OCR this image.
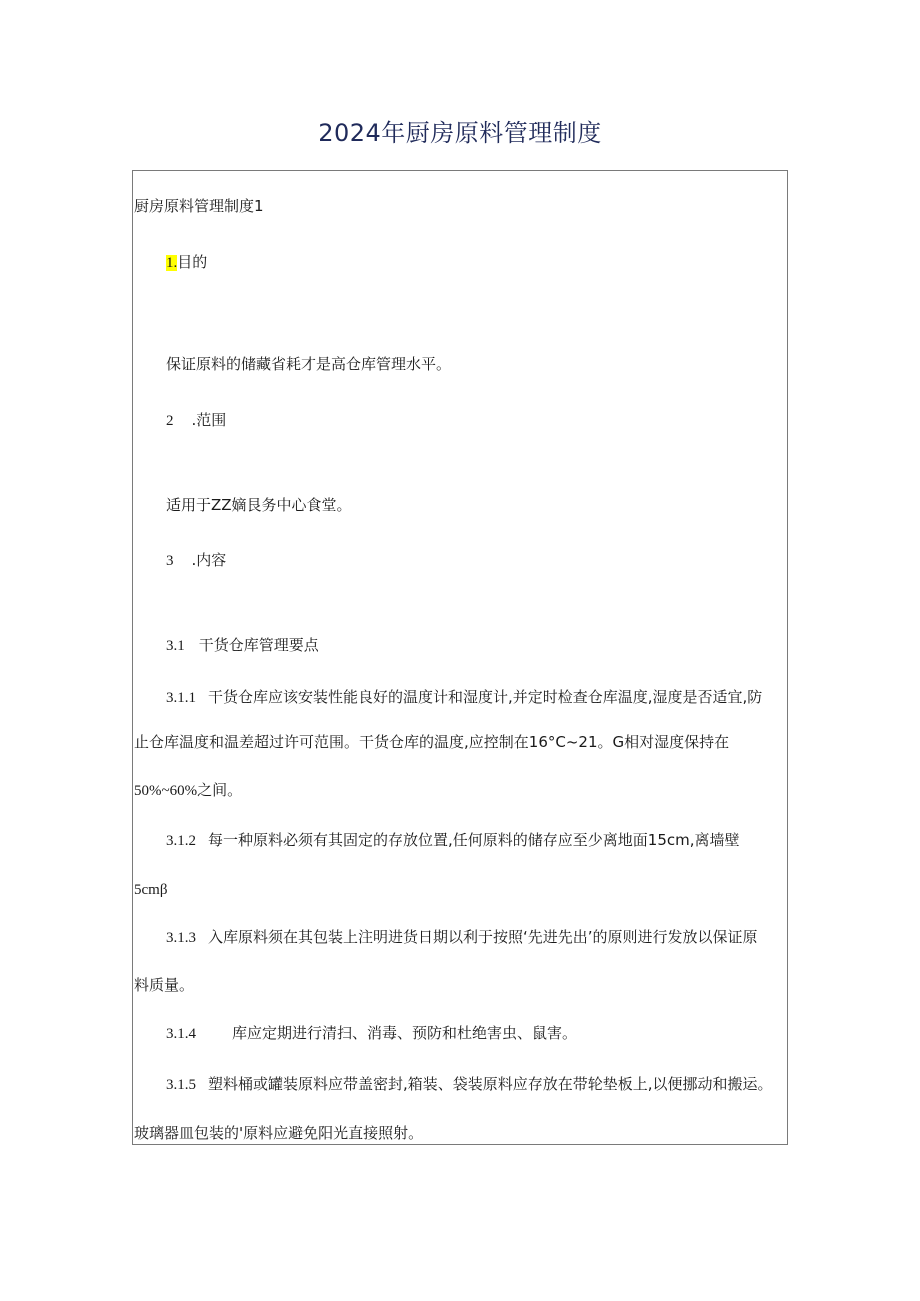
2024年厨房原料管理制度
厨房原料管理制度1
1.目的
保证原料的储藏省耗才是高仓库管理水平。
2 .范围
适用于ZZ嫡艮务中心食堂。
3 .内容
3.1 干货仓库管理要点
3.1.1 干货仓库应该安装性能良好的温度计和湿度计,并定时检查仓库温度,湿度是否适宜,防
止仓库温度和温差超过许可范围。干货仓库的温度,应控制在16°C~21。G相对湿度保持在
50%~60%之间。
3.1.2 每一种原料必须有其固定的存放位置,任何原料的储存应至少离地面15cm,离墙壁
5cmβ
3.1.3 入库原料须在其包装上注明进货日期以利于按照‘先进先出’的原则进行发放以保证原
料质量。
3.1.4 库应定期进行清扫、消毒、预防和杜绝害虫、鼠害。
3.1.5 塑料桶或罐装原料应带盖密封,箱装、袋装原料应存放在带轮垫板上,以便挪动和搬运。
玻璃器皿包装的'原料应避免阳光直接照射。
